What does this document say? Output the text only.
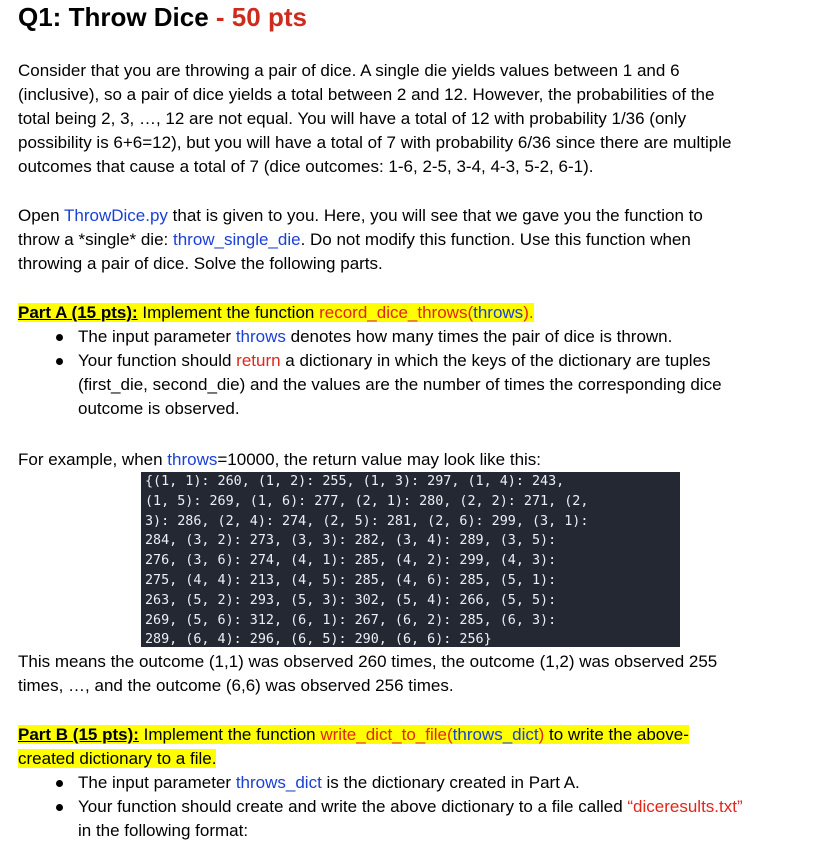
Q1: Throw Dice - 50 pts

Consider that you are throwing a pair of dice. A single die yields values between 1 and 6

(inclusive), so a pair of dice yields a total between 2 and 12. However, the probabilities of the

total being 2, 3, …, 12 are not equal. You will have a total of 12 with probability 1/36 (only

possibility is 6+6=12), but you will have a total of 7 with probability 6/36 since there are multiple

outcomes that cause a total of 7 (dice outcomes: 1-6, 2-5, 3-4, 4-3, 5-2, 6-1).

Open ThrowDice.py that is given to you. Here, you will see that we gave you the function to

throw a *single* die: throw_single_die. Do not modify this function. Use this function when

throwing a pair of dice. Solve the following parts.

Part A (15 pts): Implement the function record_dice_throws(throws).

The input parameter throws denotes how many times the pair of dice is thrown.
Your function should return a dictionary in which the keys of the dictionary are tuples
(first_die, second_die) and the values are the number of times the corresponding dice
outcome is observed.

For example, when throws=10000, the return value may look like this:

{(1, 1): 260, (1, 2): 255, (1, 3): 297, (1, 4): 243,
(1, 5): 269, (1, 6): 277, (2, 1): 280, (2, 2): 271, (2,
3): 286, (2, 4): 274, (2, 5): 281, (2, 6): 299, (3, 1):
284, (3, 2): 273, (3, 3): 282, (3, 4): 289, (3, 5):
276, (3, 6): 274, (4, 1): 285, (4, 2): 299, (4, 3):
275, (4, 4): 213, (4, 5): 285, (4, 6): 285, (5, 1):
263, (5, 2): 293, (5, 3): 302, (5, 4): 266, (5, 5):
269, (5, 6): 312, (6, 1): 267, (6, 2): 285, (6, 3):
289, (6, 4): 296, (6, 5): 290, (6, 6): 256}

This means the outcome (1,1) was observed 260 times, the outcome (1,2) was observed 255

times, …, and the outcome (6,6) was observed 256 times.

Part B (15 pts): Implement the function write_dict_to_file(throws_dict) to write the above-

created dictionary to a file.

The input parameter throws_dict is the dictionary created in Part A.
Your function should create and write the above dictionary to a file called “diceresults.txt”
in the following format:
